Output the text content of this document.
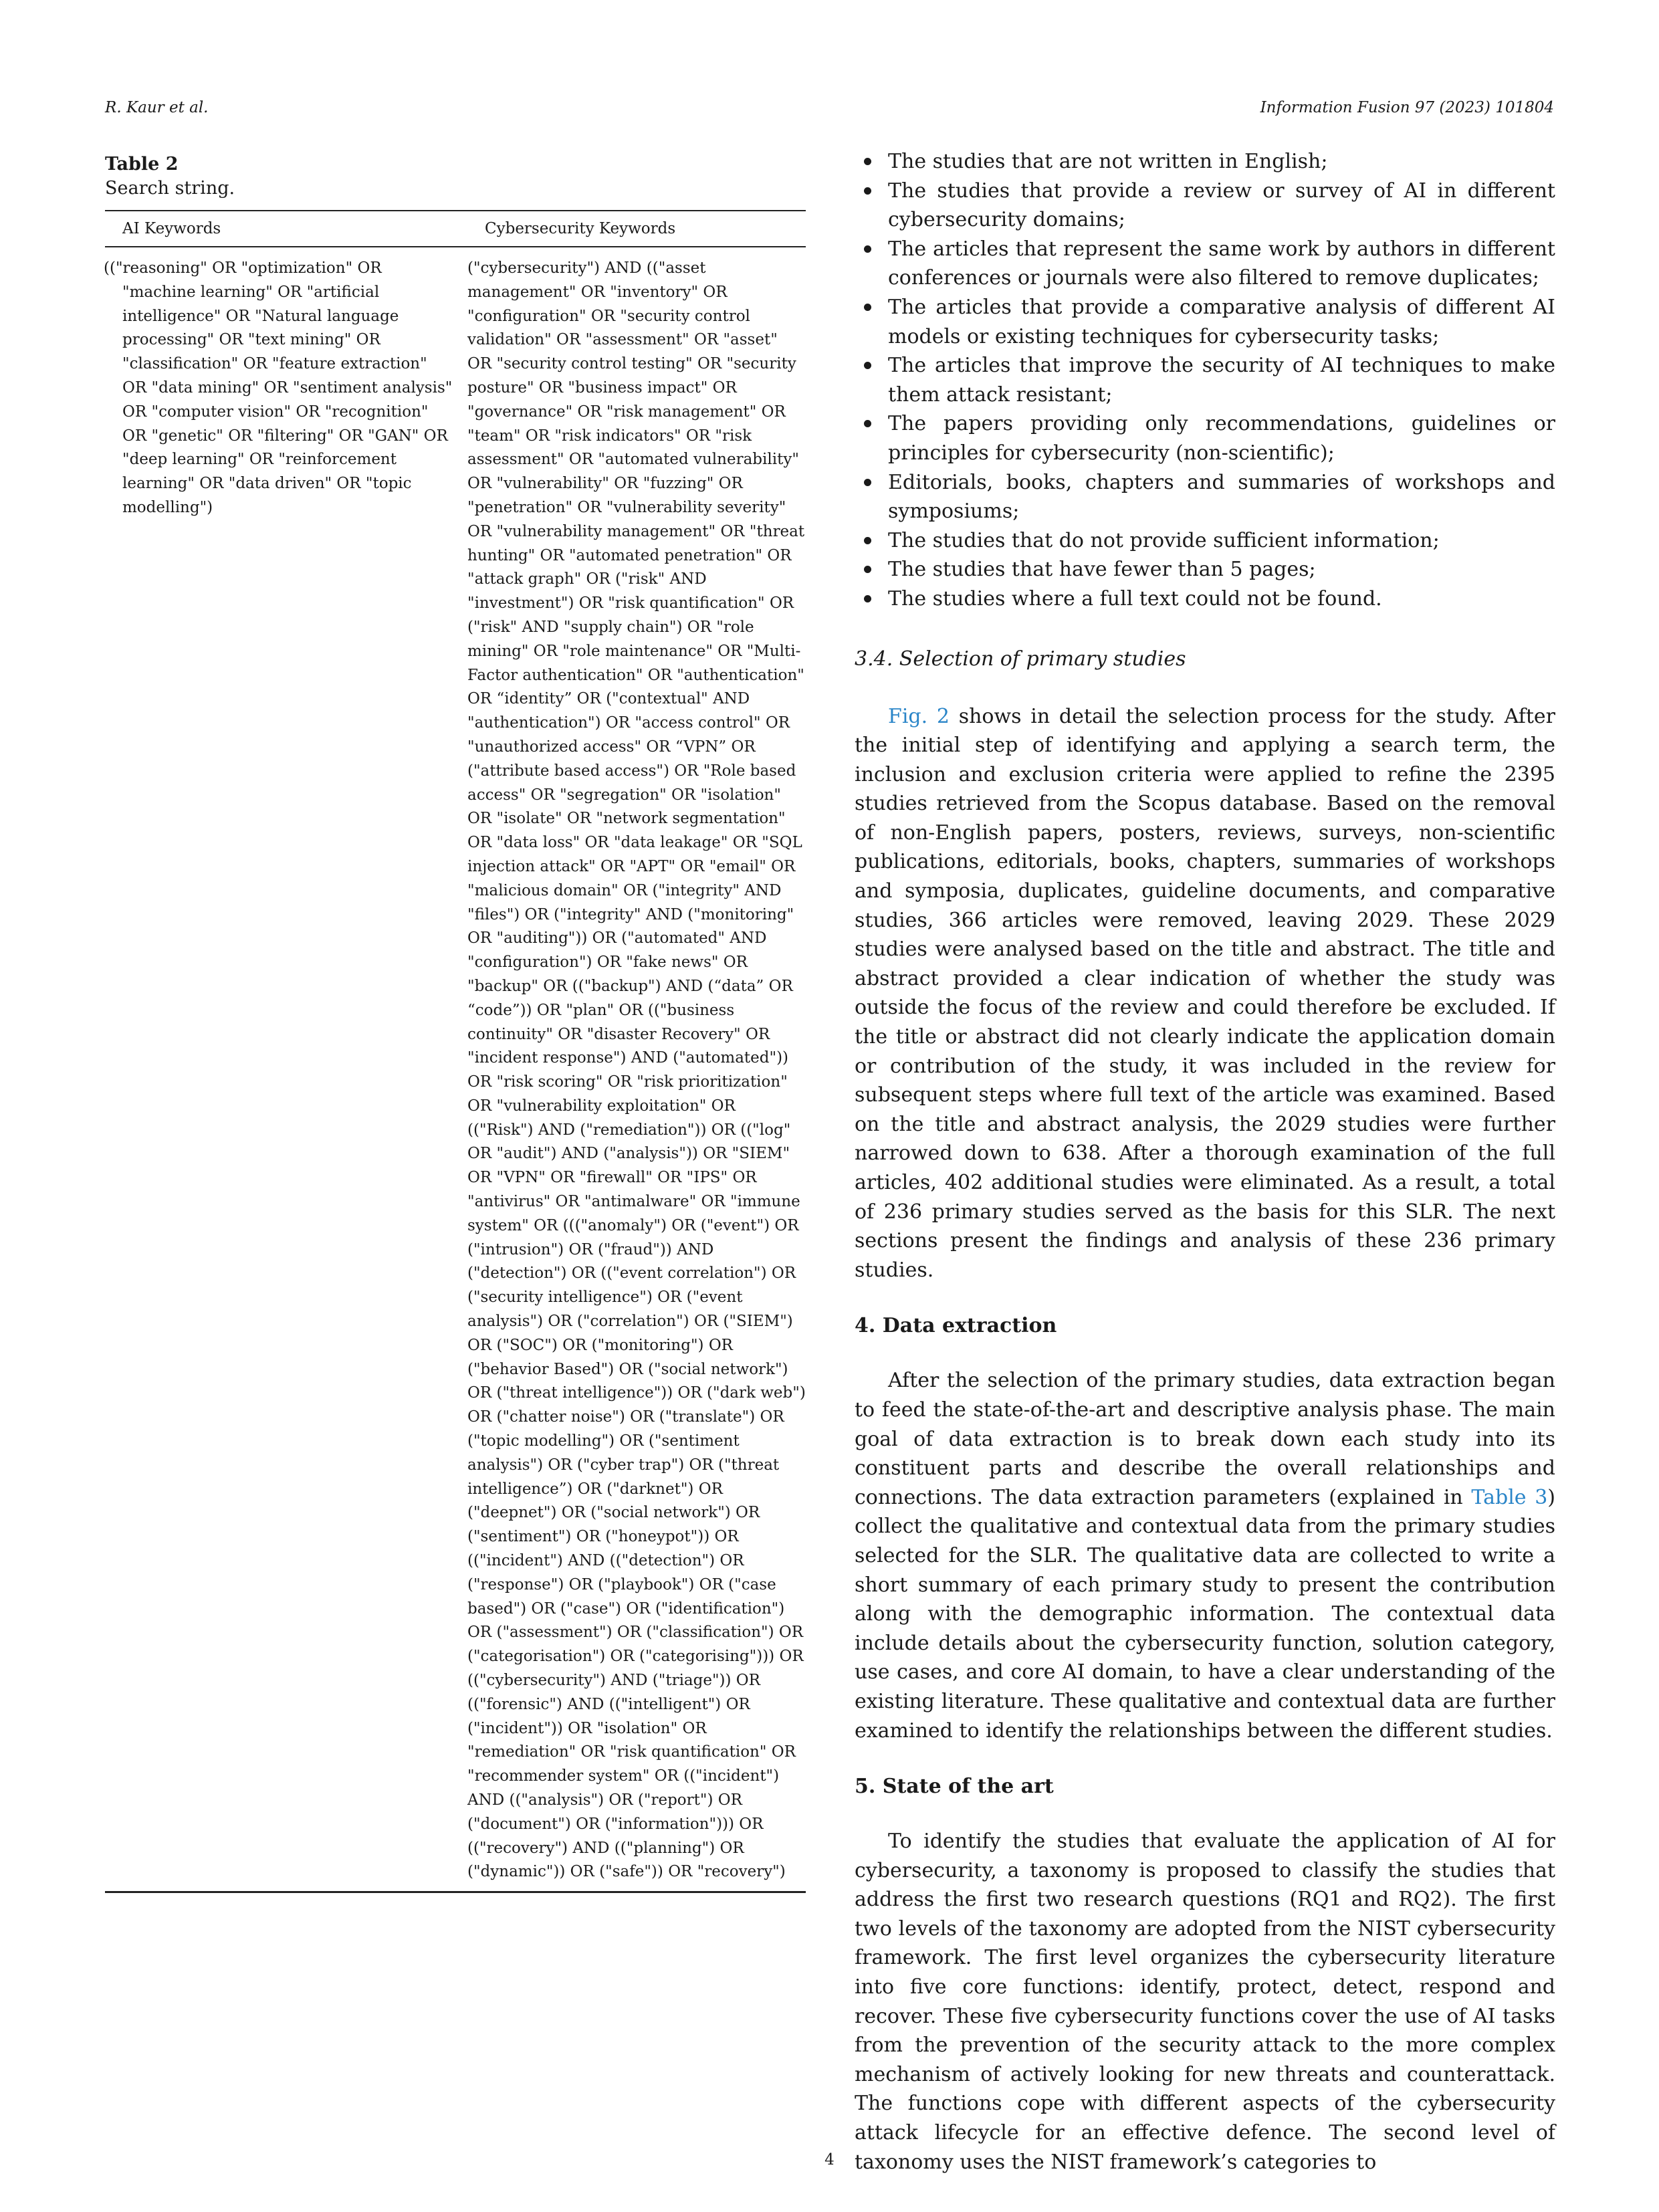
R. Kaur et al.	Information Fusion 97 (2023) 101804
Table 2
Search string.
AI Keywords	Cybersecurity Keywords
(("reasoning" OR "optimization" OR "machine learning" OR "artificial intelligence" OR "Natural language processing" OR "text mining" OR "classification" OR "feature extraction" OR "data mining" OR "sentiment analysis" OR "computer vision" OR "recognition" OR "genetic" OR "filtering" OR "GAN" OR "deep learning" OR "reinforcement learning" OR "data driven" OR "topic modelling")
("cybersecurity") AND (("asset management" OR "inventory" OR "configuration" OR "security control validation" OR "assessment" OR "asset" OR "security control testing" OR "security posture" OR "business impact" OR "governance" OR "risk management" OR "team" OR "risk indicators" OR "risk assessment" OR "automated vulnerability" OR "vulnerability" OR "fuzzing" OR "penetration" OR "vulnerability severity" OR "vulnerability management" OR "threat hunting" OR "automated penetration" OR "attack graph" OR ("risk" AND "investment") OR "risk quantification" OR ("risk" AND "supply chain") OR "role mining" OR "role maintenance" OR "Multi-Factor authentication" OR "authentication" OR “identity” OR ("contextual" AND "authentication") OR "access control" OR "unauthorized access" OR “VPN” OR ("attribute based access") OR "Role based access" OR "segregation" OR "isolation" OR "isolate" OR "network segmentation" OR "data loss" OR "data leakage" OR "SQL injection attack" OR "APT" OR "email" OR "malicious domain" OR ("integrity" AND "files") OR ("integrity" AND ("monitoring" OR "auditing")) OR ("automated" AND "configuration") OR "fake news" OR "backup" OR (("backup") AND (“data” OR “code”)) OR "plan" OR (("business continuity" OR "disaster Recovery" OR "incident response") AND ("automated")) OR "risk scoring" OR "risk prioritization" OR "vulnerability exploitation" OR (("Risk") AND ("remediation")) OR (("log" OR "audit") AND ("analysis")) OR "SIEM" OR "VPN" OR "firewall" OR "IPS" OR "antivirus" OR "antimalware" OR "immune system" OR ((("anomaly") OR ("event") OR ("intrusion") OR ("fraud")) AND ("detection") OR (("event correlation") OR ("security intelligence") OR ("event analysis") OR ("correlation") OR ("SIEM") OR ("SOC") OR ("monitoring") OR ("behavior Based") OR ("social network") OR ("threat intelligence")) OR ("dark web") OR ("chatter noise") OR ("translate") OR ("topic modelling") OR ("sentiment analysis") OR ("cyber trap") OR ("threat intelligence”) OR ("darknet") OR ("deepnet") OR ("social network") OR ("sentiment") OR ("honeypot")) OR (("incident") AND (("detection") OR ("response") OR ("playbook") OR ("case based") OR ("case") OR ("identification") OR ("assessment") OR ("classification") OR ("categorisation") OR ("categorising"))) OR (("cybersecurity") AND ("triage")) OR (("forensic") AND (("intelligent") OR ("incident")) OR "isolation" OR "remediation" OR "risk quantification" OR "recommender system" OR (("incident") AND (("analysis") OR ("report") OR ("document") OR ("information"))) OR (("recovery") AND (("planning") OR ("dynamic")) OR ("safe")) OR "recovery")
The studies that are not written in English;
The studies that provide a review or survey of AI in different cybersecurity domains;
The articles that represent the same work by authors in different conferences or journals were also filtered to remove duplicates;
The articles that provide a comparative analysis of different AI models or existing techniques for cybersecurity tasks;
The articles that improve the security of AI techniques to make them attack resistant;
The papers providing only recommendations, guidelines or principles for cybersecurity (non-scientific);
Editorials, books, chapters and summaries of workshops and symposiums;
The studies that do not provide sufficient information;
The studies that have fewer than 5 pages;
The studies where a full text could not be found.
3.4. Selection of primary studies

Fig. 2 shows in detail the selection process for the study. After the initial step of identifying and applying a search term, the inclusion and exclusion criteria were applied to refine the 2395 studies retrieved from the Scopus database. Based on the removal of non-English papers, posters, reviews, surveys, non-scientific publications, editorials, books, chapters, summaries of workshops and symposia, duplicates, guideline documents, and comparative studies, 366 articles were removed, leaving 2029. These 2029 studies were analysed based on the title and abstract. The title and abstract provided a clear indication of whether the study was outside the focus of the review and could therefore be excluded. If the title or abstract did not clearly indicate the application domain or contribution of the study, it was included in the review for subsequent steps where full text of the article was examined. Based on the title and abstract analysis, the 2029 studies were further narrowed down to 638. After a thorough examination of the full articles, 402 additional studies were eliminated. As a result, a total of 236 primary studies served as the basis for this SLR. The next sections present the findings and analysis of these 236 primary studies.

4. Data extraction

After the selection of the primary studies, data extraction began to feed the state-of-the-art and descriptive analysis phase. The main goal of data extraction is to break down each study into its constituent parts and describe the overall relationships and connections. The data extraction parameters (explained in Table 3) collect the qualitative and contextual data from the primary studies selected for the SLR. The qualitative data are collected to write a short summary of each primary study to present the contribution along with the demographic information. The contextual data include details about the cybersecurity function, solution category, use cases, and core AI domain, to have a clear understanding of the existing literature. These qualitative and contextual data are further examined to identify the relationships between the different studies.

5. State of the art

To identify the studies that evaluate the application of AI for cybersecurity, a taxonomy is proposed to classify the studies that address the first two research questions (RQ1 and RQ2). The first two levels of the taxonomy are adopted from the NIST cybersecurity framework. The first level organizes the cybersecurity literature into five core functions: identify, protect, detect, respond and recover. These five cybersecurity functions cover the use of AI tasks from the prevention of the security attack to the more complex mechanism of actively looking for new threats and counterattack. The functions cope with different aspects of the cybersecurity attack lifecycle for an effective defence. The second level of taxonomy uses the NIST framework’s categories to

4
